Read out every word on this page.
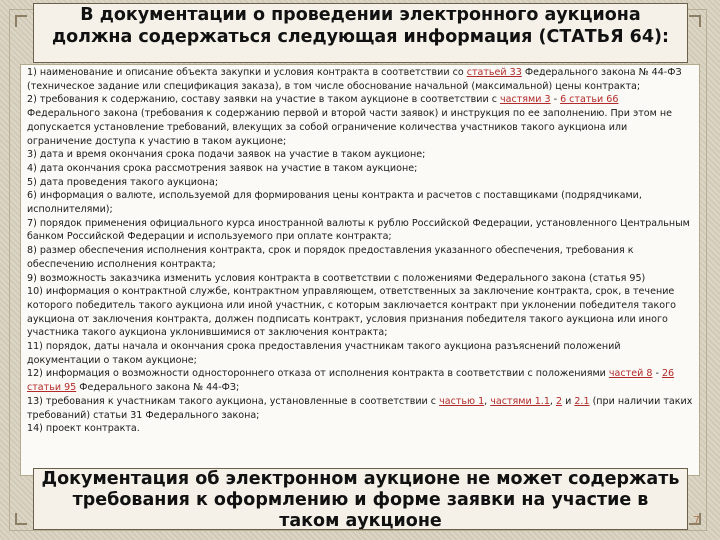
1) наименование и описание объекта закупки и условия контракта в соответствии со статьей 33 Федерального закона № 44-ФЗ (техническое задание или спецификация заказа), в том числе обоснование начальной (максимальной) цены контракта;

2) требования к содержанию, составу заявки на участие в таком аукционе в соответствии с частями 3 - 6 статьи 66 Федерального закона (требования к содержанию первой и второй части заявок) и инструкция по ее заполнению. При этом не допускается установление требований, влекущих за собой ограничение количества участников такого аукциона или ограничение доступа к участию в таком аукционе;

3) дата и время окончания срока подачи заявок на участие в таком аукционе;

4) дата окончания срока рассмотрения заявок на участие в таком аукционе;

5) дата проведения такого аукциона;

6) информация о валюте, используемой для формирования цены контракта и расчетов с поставщиками (подрядчиками, исполнителями);

7) порядок применения официального курса иностранной валюты к рублю Российской Федерации, установленного Центральным банком Российской Федерации и используемого при оплате контракта;

8) размер обеспечения исполнения контракта, срок и порядок предоставления указанного обеспечения, требования к обеспечению исполнения контракта;

9) возможность заказчика изменить условия контракта в соответствии с положениями Федерального закона (статья 95)

10) информация о контрактной службе, контрактном управляющем, ответственных за заключение контракта, срок, в течение которого победитель такого аукциона или иной участник, с которым заключается контракт при уклонении победителя такого аукциона от заключения контракта, должен подписать контракт, условия признания победителя такого аукциона или иного участника такого аукциона уклонившимися от заключения контракта;

11) порядок, даты начала и окончания срока предоставления участникам такого аукциона разъяснений положений документации о таком аукционе;

12) информация о возможности одностороннего отказа от исполнения контракта в соответствии с положениями частей 8 - 26 статьи 95 Федерального закона № 44-ФЗ;

13) требования к участникам такого аукциона, установленные в соответствии с частью 1, частями 1.1, 2 и 2.1 (при наличии таких требований) статьи 31 Федерального закона;

14) проект контракта.

В документации о проведении электронного аукциона должна содержаться следующая информация (СТАТЬЯ 64):
Документация об электронном аукционе не может содержать требования к оформлению и форме заявки на участие в таком аукционе	7
